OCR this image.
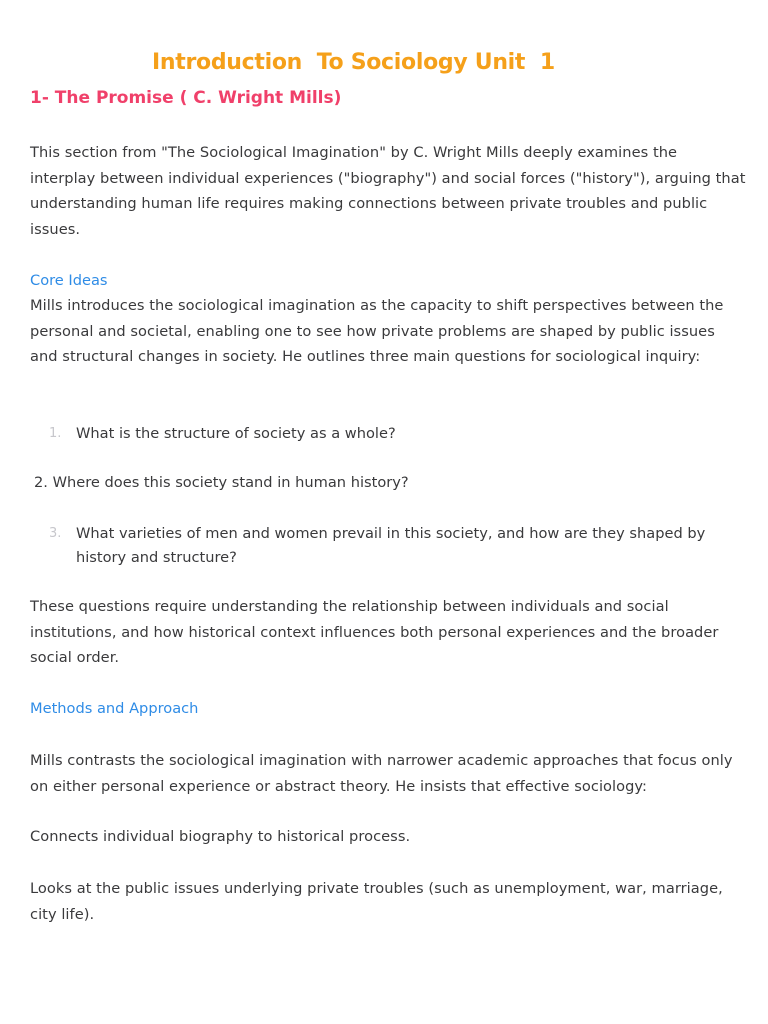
Introduction  To Sociology Unit  1
1- The Promise ( C. Wright Mills)

This section from "The Sociological Imagination" by C. Wright Mills deeply examines the interplay between individual experiences ("biography") and social forces ("history"), arguing that understanding human life requires making connections between private troubles and public issues.

Core Ideas

Mills introduces the sociological imagination as the capacity to shift perspectives between the personal and societal, enabling one to see how private problems are shaped by public issues and structural changes in society. He outlines three main questions for sociological inquiry:

1. What is the structure of society as a whole?
2. Where does this society stand in human history?
3. What varieties of men and women prevail in this society, and how are they shaped by history and structure?

These questions require understanding the relationship between individuals and social institutions, and how historical context influences both personal experiences and the broader social order.

Methods and Approach

Mills contrasts the sociological imagination with narrower academic approaches that focus only on either personal experience or abstract theory. He insists that effective sociology:

Connects individual biography to historical process.

Looks at the public issues underlying private troubles (such as unemployment, war, marriage, city life).
